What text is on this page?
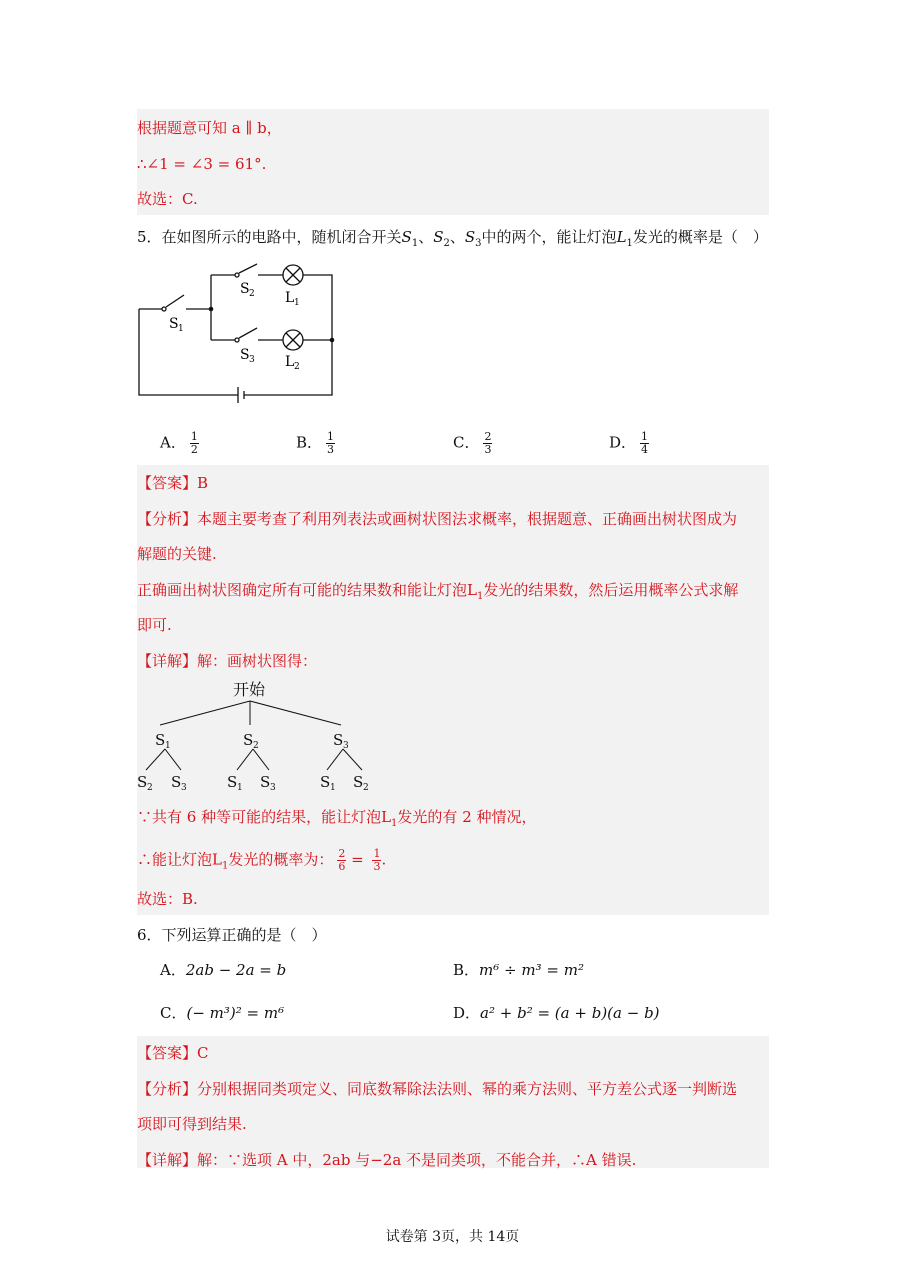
根据题意可知 a ∥ b，
∴∠1 = ∠3 = 61°.
故选：C.
5．在如图所示的电路中，随机闭合开关$S_1$、$S_2$、$S_3$中的两个，能让灯泡$L_1$发光的概率是（　）
S 1
S 2 L 1
S 3 L 2
A． $\frac{1}{2}$	B． $\frac{1}{3}$	C． $\frac{2}{3}$	D． $\frac{1}{4}$
【答案】B
【分析】本题主要考查了利用列表法或画树状图法求概率，根据题意、正确画出树状图成为
解题的关键.
正确画出树状图确定所有可能的结果数和能让灯泡$L_1$发光的结果数，然后运用概率公式求解
即可.
【详解】解：画树状图得：
开始
S 1	S 2	S 3
S 2 S 3	S 1 S 3	S 1 S 2
∵共有 6 种等可能的结果，能让灯泡$L_1$发光的有 2 种情况，
∴能让灯泡$L_1$发光的概率为： $\frac{2}{6} = \frac{1}{3}$ .
故选：B.
6．下列运算正确的是（　）
A．2ab − 2a = b	B．m⁶ ÷ m³ = m²
C．(− m³)² = m⁶	D．a² + b² = (a + b)(a − b)
【答案】C
【分析】分别根据同类项定义、同底数幂除法法则、幂的乘方法则、平方差公式逐一判断选
项即可得到结果.
【详解】解：∵选项 A 中，2ab 与−2a 不是同类项，不能合并，∴A 错误.
试卷第 3页，共 14页
